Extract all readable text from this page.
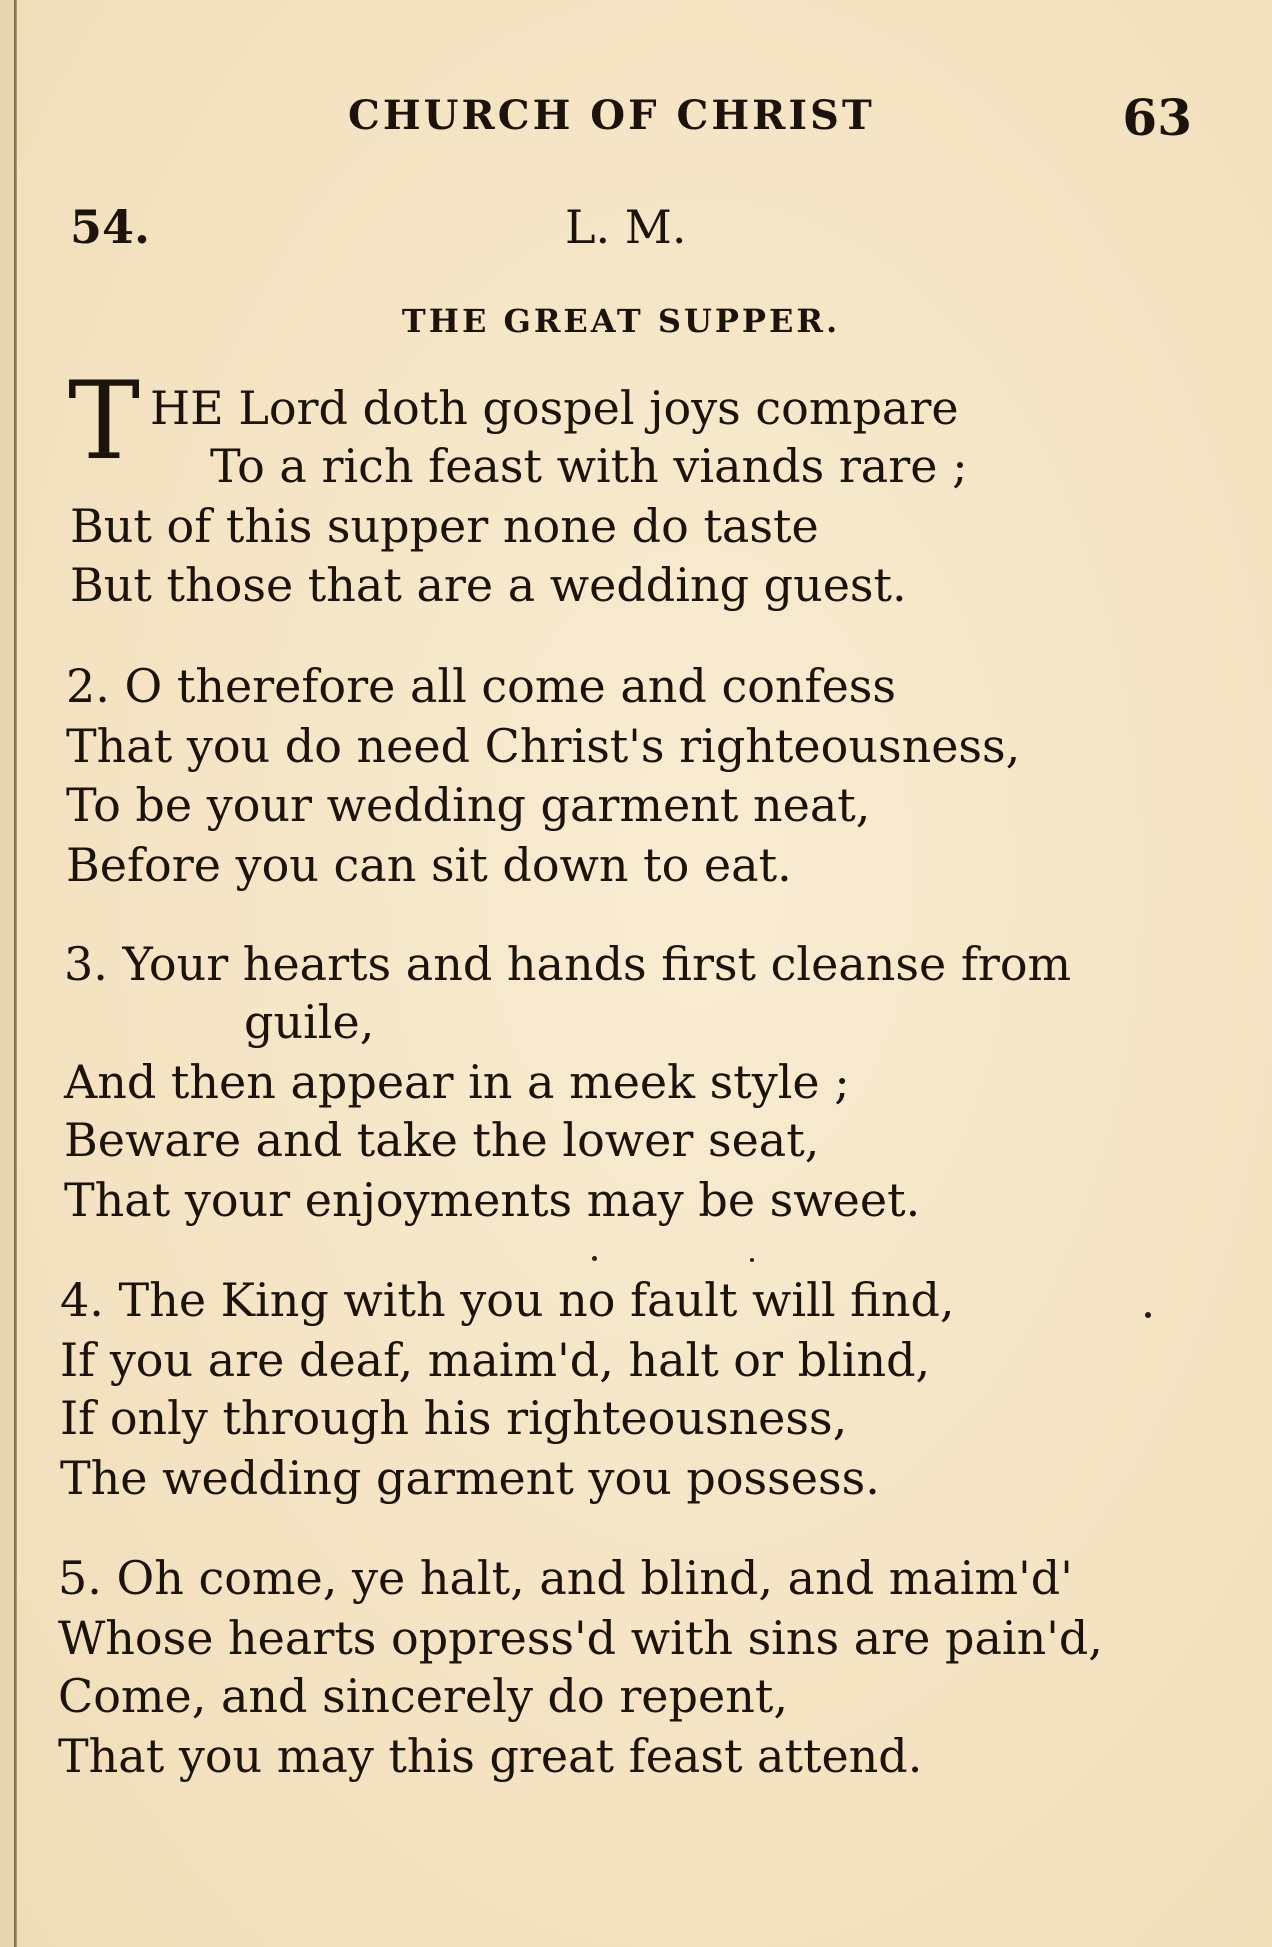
CHURCH OF CHRIST	63
54.	L. M.
THE GREAT SUPPER.
T HE Lord doth gospel joys compare
To a rich feast with viands rare ;
But of this supper none do taste
But those that are a wedding guest.
2. O therefore all come and confess
That you do need Christ's righteousness,
To be your wedding garment neat,
Before you can sit down to eat.
3. Your hearts and hands first cleanse from
guile,
And then appear in a meek style ;
Beware and take the lower seat,
That your enjoyments may be sweet.
4. The King with you no fault will find,
If you are deaf, maim'd, halt or blind,
If only through his righteousness,
The wedding garment you possess.
5. Oh come, ye halt, and blind, and maim'd'
Whose hearts oppress'd with sins are pain'd,
Come, and sincerely do repent,
That you may this great feast attend.
